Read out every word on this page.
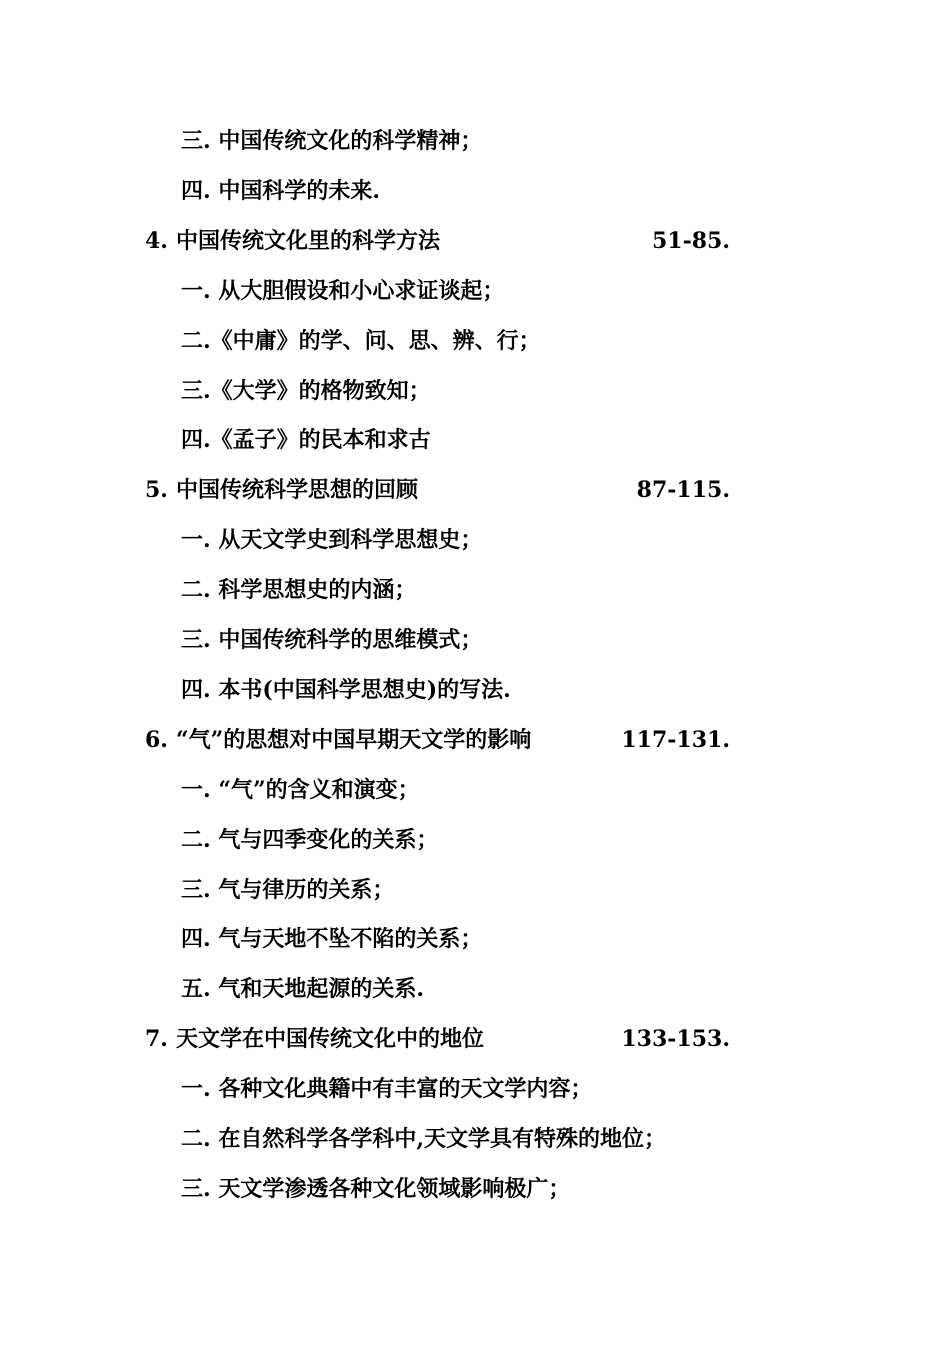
三. 中国传统文化的科学精神；
四. 中国科学的未来.
4. 中国传统文化里的科学方法	51-85.
一. 从大胆假设和小心求证谈起；
二.《中庸》的学、问、思、辨、行；
三.《大学》的格物致知；
四.《孟子》的民本和求古
5. 中国传统科学思想的回顾	87-115.
一. 从天文学史到科学思想史；
二. 科学思想史的内涵；
三. 中国传统科学的思维模式；
四. 本书(中国科学思想史)的写法.
6. “气”的思想对中国早期天文学的影响	117-131.
一. “气”的含义和演变；
二. 气与四季变化的关系；
三. 气与律历的关系；
四. 气与天地不坠不陷的关系；
五. 气和天地起源的关系.
7. 天文学在中国传统文化中的地位	133-153.
一. 各种文化典籍中有丰富的天文学内容；
二. 在自然科学各学科中,天文学具有特殊的地位；
三. 天文学渗透各种文化领域影响极广；
